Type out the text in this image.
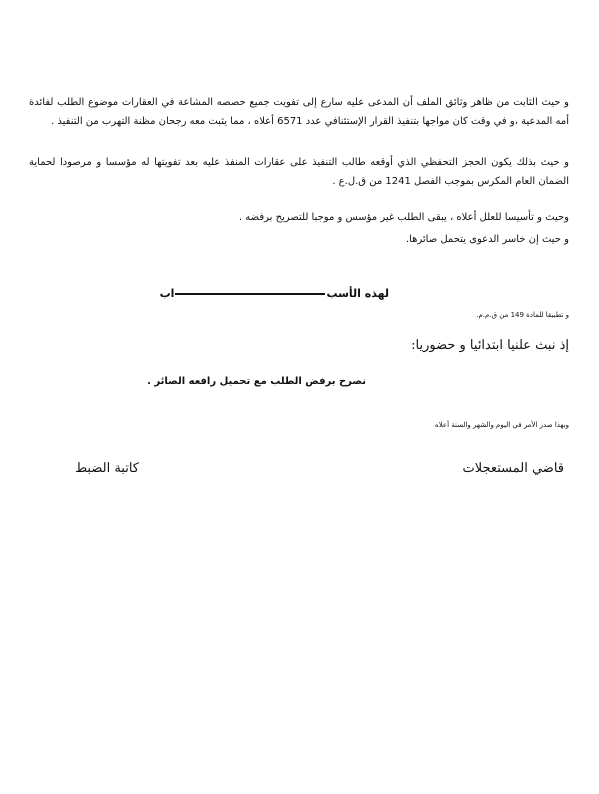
و حيث الثابت من ظاهر وثائق الملف أن المدعى عليه سارع إلى تفويت جميع حصصه المشاعة في العقارات موضوع الطلب لفائدة أمه المدعية ،و في وقت كان مواجها بتنفيذ القرار الإستئنافي عدد 6571 أعلاه ، مما يثبت معه رجحان مظنة التهرب من التنفيذ .

و حيث بذلك يكون الحجز التحفظي الذي أوقعه طالب التنفيذ على عقارات المنفذ عليه بعد تفويتها له مؤسسا و مرصودا لحماية الضمان العام المكرس بموجب الفصل 1241 من ق.ل.ع .

وحيث و تأسيسا للعلل أعلاه ، يبقى الطلب غير مؤسس و موجبا للتصريح برفضه .
و حيث إن خاسر الدعوى يتحمل صائرها.
لهذه الأسباب
و تطبيقا للمادة 149 من ق.م.م.
إذ نبث علنيا ابتدائيا و حضوريا:
نصرح برفض الطلب مع تحميل رافعه الصائر .
وبهذا صدر الأمر في اليوم والشهر والسنة أعلاه
قاضي المستعجلات
كاتبة الضبط
